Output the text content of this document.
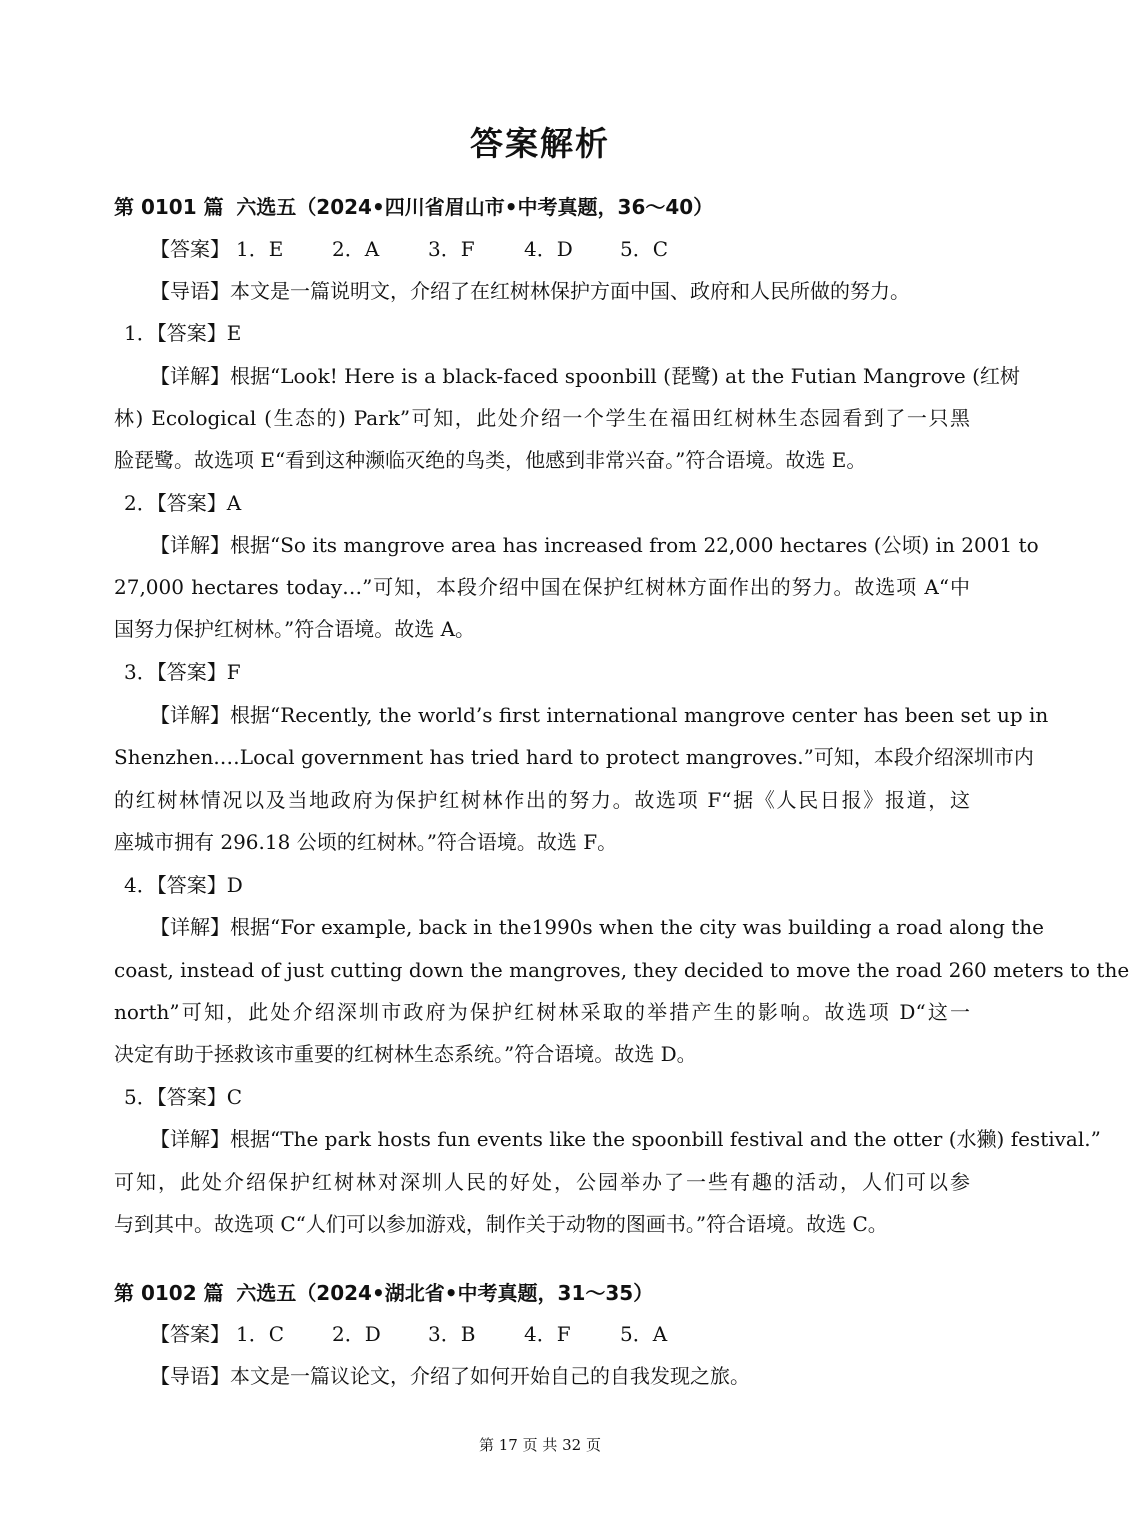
答案解析
第 0101 篇 六选五（2024•四川省眉山市•中考真题，36～40）
【答案】 1．E 2．A 3．F 4．D 5．C
【导语】本文是一篇说明文，介绍了在红树林保护方面中国、政府和人民所做的努力。
1．【答案】E
【详解】根据“Look! Here is a black-faced spoonbill (琵鹭) at the Futian Mangrove (红树
林) Ecological (生态的) Park”可知，此处介绍一个学生在福田红树林生态园看到了一只黑
脸琵鹭。故选项 E“看到这种濒临灭绝的鸟类，他感到非常兴奋。”符合语境。故选 E。
2．【答案】A
【详解】根据“So its mangrove area has increased from 22,000 hectares (公顷) in 2001 to
27,000 hectares today…”可知，本段介绍中国在保护红树林方面作出的努力。故选项 A“中
国努力保护红树林。”符合语境。故选 A。
3．【答案】F
【详解】根据“Recently, the world’s first international mangrove center has been set up in
Shenzhen.…Local government has tried hard to protect mangroves.”可知，本段介绍深圳市内
的红树林情况以及当地政府为保护红树林作出的努力。故选项 F“据《人民日报》报道，这
座城市拥有 296.18 公顷的红树林。”符合语境。故选 F。
4．【答案】D
【详解】根据“For example, back in the1990s when the city was building a road along the
coast, instead of just cutting down the mangroves, they decided to move the road 260 meters to the
north”可知，此处介绍深圳市政府为保护红树林采取的举措产生的影响。故选项 D“这一
决定有助于拯救该市重要的红树林生态系统。”符合语境。故选 D。
5．【答案】C
【详解】根据“The park hosts fun events like the spoonbill festival and the otter (水獭) festival.”
可知，此处介绍保护红树林对深圳人民的好处，公园举办了一些有趣的活动，人们可以参
与到其中。故选项 C“人们可以参加游戏，制作关于动物的图画书。”符合语境。故选 C。
第 0102 篇 六选五（2024•湖北省•中考真题，31～35）
【答案】 1．C 2．D 3．B 4．F 5．A
【导语】本文是一篇议论文，介绍了如何开始自己的自我发现之旅。
第 17 页 共 32 页
